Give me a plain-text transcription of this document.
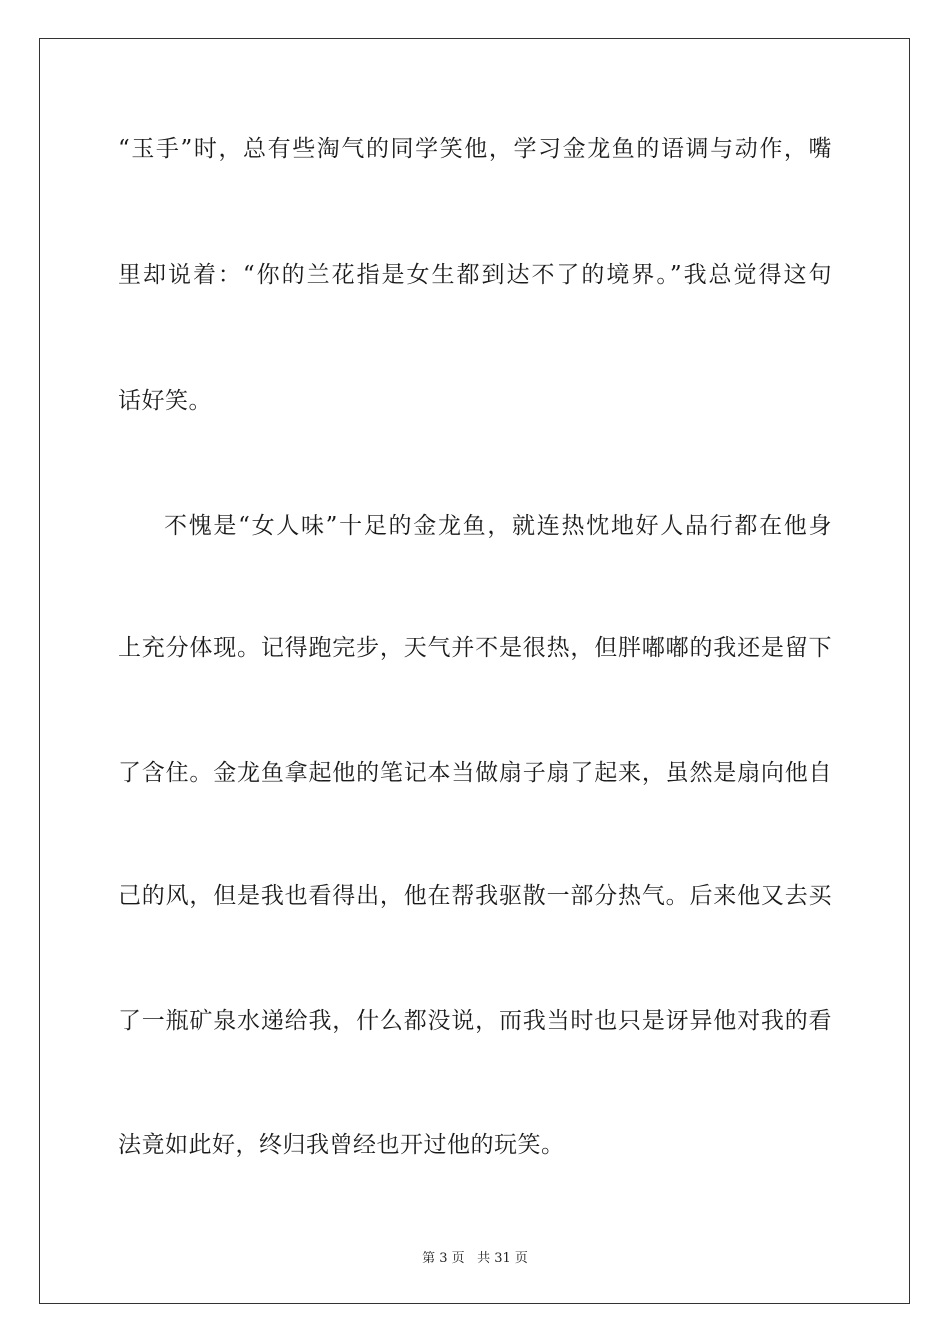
“玉手”时，总有些淘气的同学笑他，学习金龙鱼的语调与动作，嘴
里却说着：“你的兰花指是女生都到达不了的境界。”我总觉得这句
话好笑。
不愧是“女人味”十足的金龙鱼，就连热忱地好人品行都在他身
上充分体现。记得跑完步，天气并不是很热，但胖嘟嘟的我还是留下
了含住。金龙鱼拿起他的笔记本当做扇子扇了起来，虽然是扇向他自
己的风，但是我也看得出，他在帮我驱散一部分热气。后来他又去买
了一瓶矿泉水递给我，什么都没说，而我当时也只是讶异他对我的看
法竟如此好，终归我曾经也开过他的玩笑。
第 3 页 共 31 页
